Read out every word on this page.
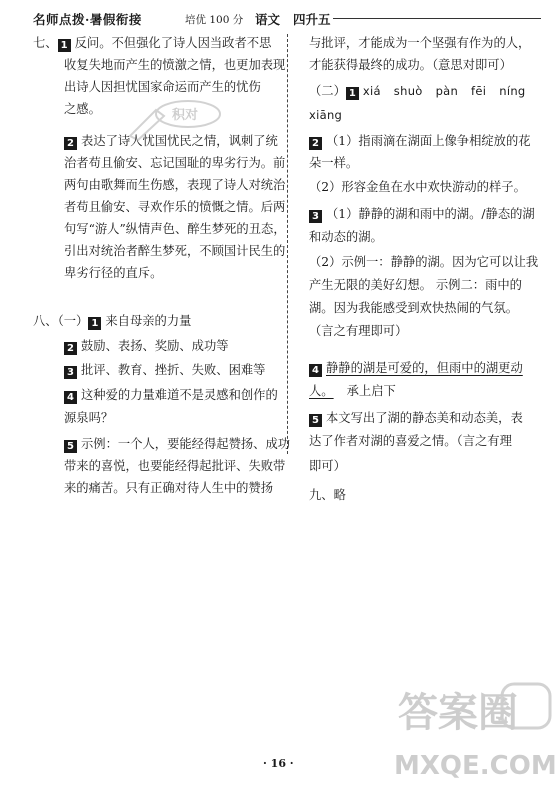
名师点拨·暑假衔接	培优 100 分 语文 四升五
七、 1 反问。不但强化了诗人因当政者不思
收复失地而产生的愤激之情，也更加表现
出诗人因担忧国家命运而产生的忧伤
之感。
2 表达了诗人忧国忧民之情，讽刺了统
治者苟且偷安、忘记国耻的卑劣行为。前
两句由歌舞而生伤感，表现了诗人对统治
者苟且偷安、寻欢作乐的愤慨之情。后两
句写“游人”纵情声色、醉生梦死的丑态，
引出对统治者醉生梦死，不顾国计民生的
卑劣行径的直斥。
八、（一） 1 来自母亲的力量
2 鼓励、表扬、奖励、成功等
3 批评、教育、挫折、失败、困难等
4 这种爱的力量难道不是灵感和创作的
源泉吗？
5 示例：一个人，要能经得起赞扬、成功
带来的喜悦，也要能经得起批评、失败带
来的痛苦。只有正确对待人生中的赞扬
与批评，才能成为一个坚强有作为的人，
才能获得最终的成功。（意思对即可）
（二） 1 xiá shuò pàn fēi níng
xiāng
2 （1）指雨滴在湖面上像争相绽放的花
朵一样。
（2）形容金鱼在水中欢快游动的样子。
3 （1）静静的湖和雨中的湖。/静态的湖
和动态的湖。
（2）示例一：静静的湖。因为它可以让我
产生无限的美好幻想。 示例二：雨中的
湖。因为我能感受到欢快热闹的气氛。
（言之有理即可）
4 静静的湖是可爱的，但雨中的湖更动
人。 承上启下
5 本文写出了湖的静态美和动态美，表
达了作者对湖的喜爱之情。（言之有理
即可）
九、略
· 16 ·
积对
答案圈
MXQE.COM
